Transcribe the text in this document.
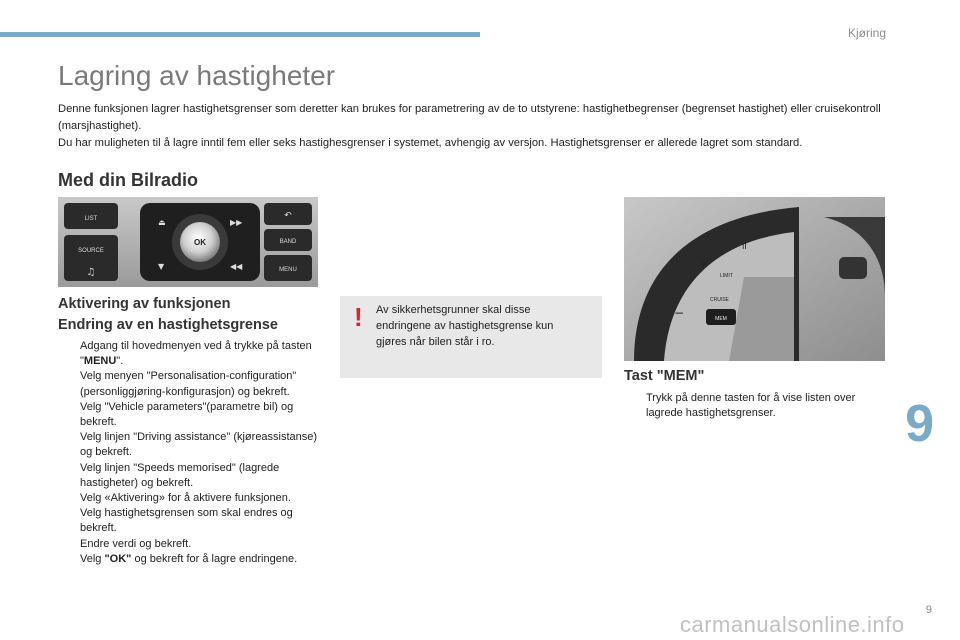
Kjøring
Lagring av hastigheter

Denne funksjonen lagrer hastighetsgrenser som deretter kan brukes for parametrering av de to utstyrene: hastighetbegrenser (begrenset hastighet) eller cruisekontroll (marsjhastighet).

Du har muligheten til å lagre inntil fem eller seks hastighesgrenser i systemet, avhengig av versjon. Hastighetsgrenser er allerede lagret som standard.

Med din Bilradio
LIST
SOURCE
♫
⏏	▶▶
▼	◀◀
OK
↶
BAND
MENU	+
II
LIMIT
CRUISE
−	MEM
Aktivering av funksjonen
Endring av en hastighetsgrense
Adgang til hovedmenyen ved å trykke på tasten "MENU".
Velg menyen "Personalisation-configuration" (personliggjøring-konfigurasjon) og bekreft.
Velg "Vehicle parameters"(parametre bil) og bekreft.
Velg linjen "Driving assistance" (kjøreassistanse) og bekreft.
Velg linjen "Speeds memorised" (lagrede hastigheter) og bekreft.
Velg «Aktivering» for å aktivere funksjonen.
Velg hastighetsgrensen som skal endres og bekreft.
Endre verdi og bekreft.
Velg "OK" og bekreft for å lagre endringene.
! Av sikkerhetsgrunner skal disse endringene av hastighetsgrense kun gjøres når bilen står i ro.
Tast "MEM"
Trykk på denne tasten for å vise listen over lagrede hastighetsgrenser.	9
9
carmanualsonline.info
